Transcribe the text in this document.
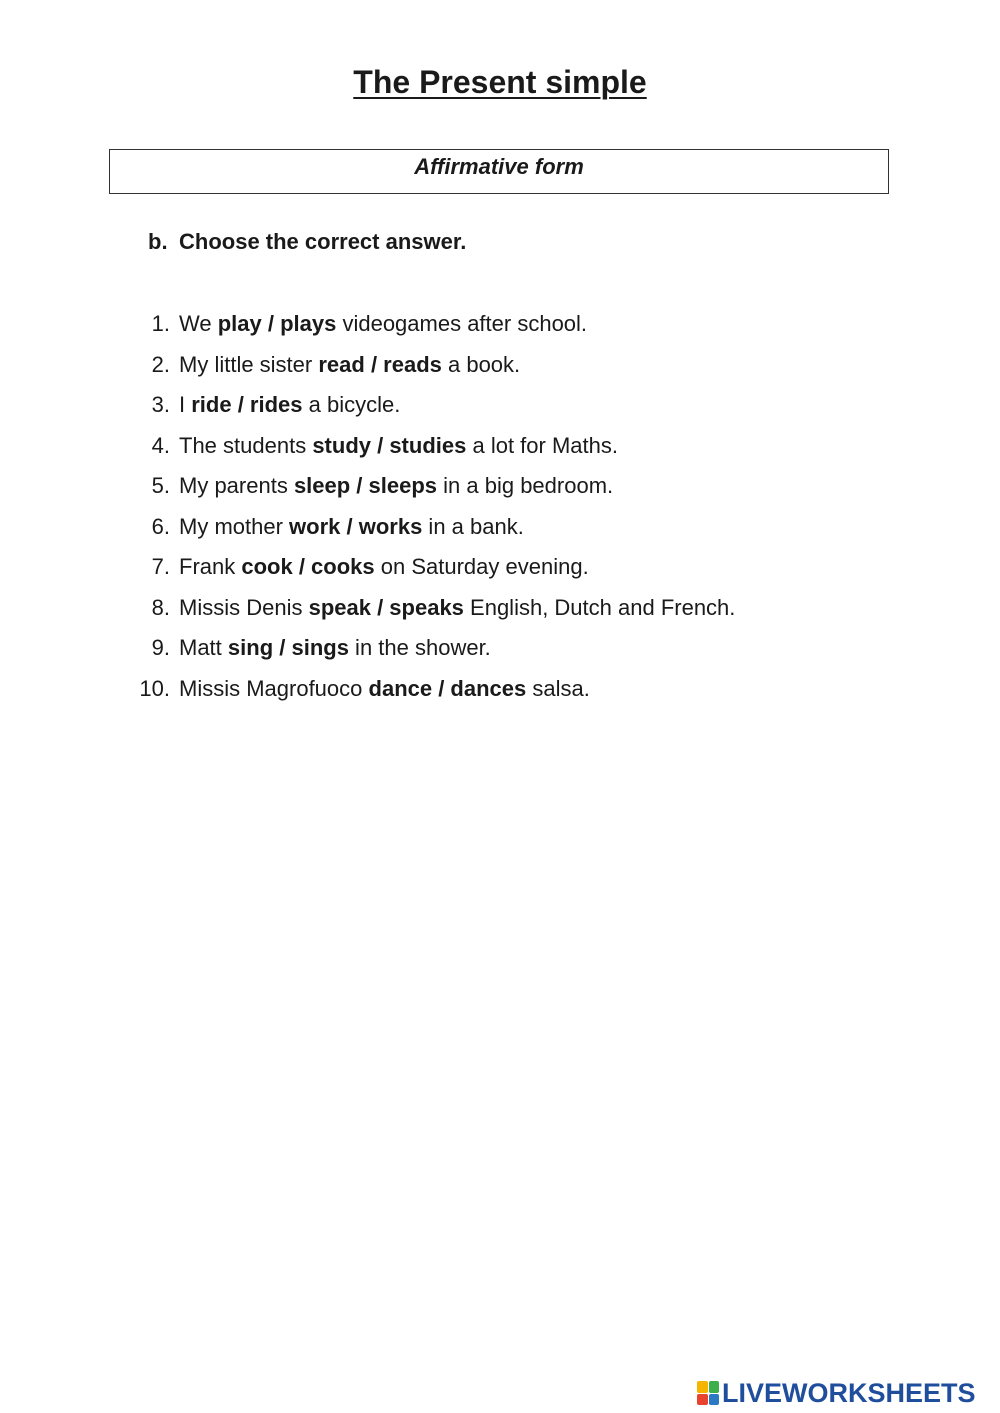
The Present simple
Affirmative form
b. Choose the correct answer.
1. We play / plays videogames after school.
2. My little sister read / reads a book.
3. I ride / rides a bicycle.
4. The students study / studies a lot for Maths.
5. My parents sleep / sleeps in a big bedroom.
6. My mother work / works in a bank.
7. Frank cook / cooks on Saturday evening.
8. Missis Denis speak / speaks English, Dutch and French.
9. Matt sing / sings in the shower.
10. Missis Magrofuoco dance / dances salsa.
LIVEWORKSHEETS
